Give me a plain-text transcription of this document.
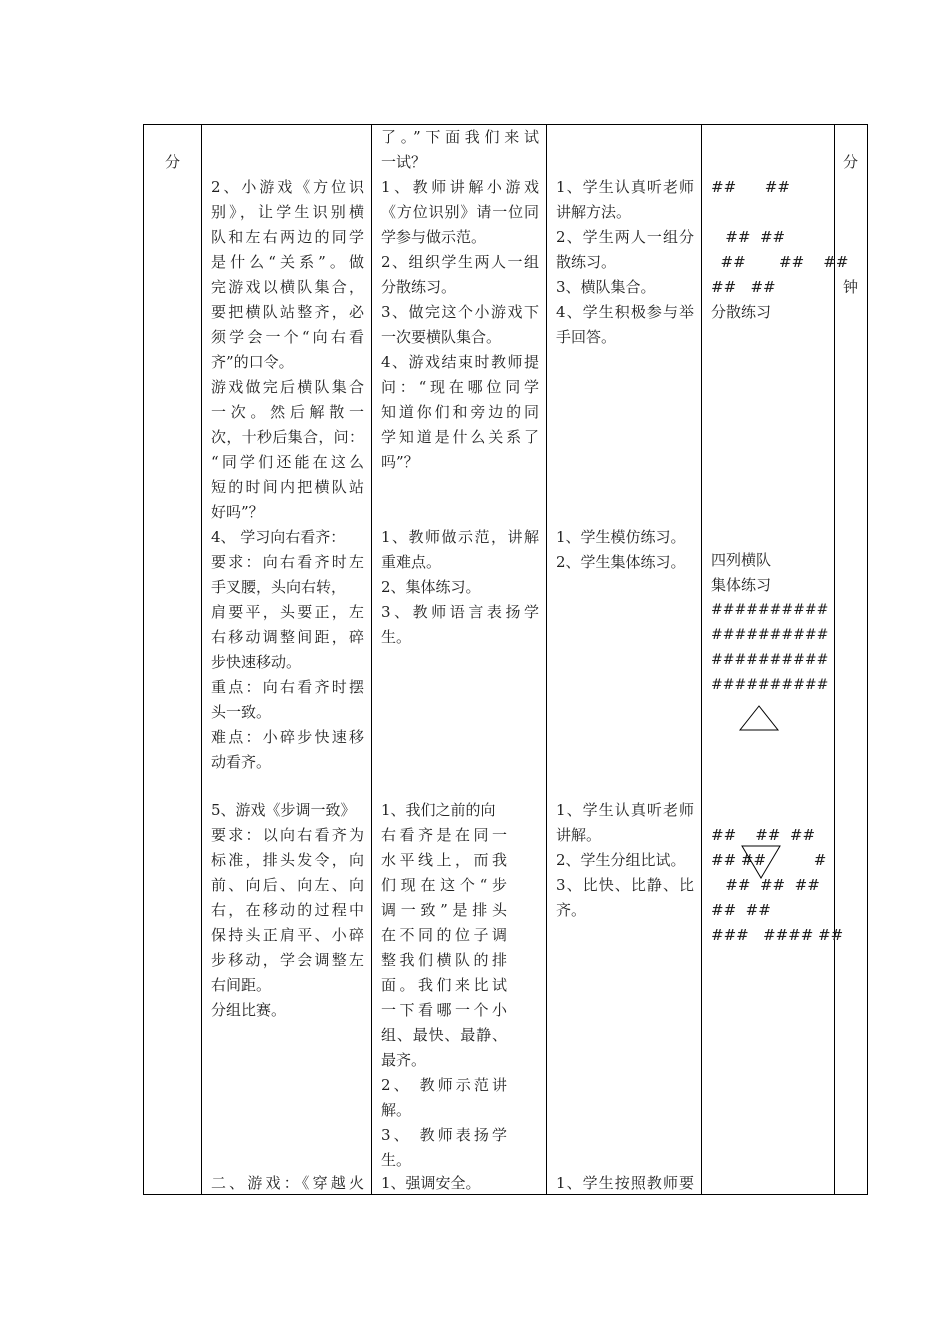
分
2、小游戏《方位识
别》，让学生识别横
队和左右两边的同学
是什么“关系”。做
完游戏以横队集合，
要把横队站整齐，必
须学会一个“向右看
齐”的口令。
游戏做完后横队集合
一次。然后解散一
次，十秒后集合，问：
“同学们还能在这么
短的时间内把横队站
好吗”？
4、 学习向右看齐：
要求：向右看齐时左
手叉腰，头向右转，
肩要平，头要正，左
右移动调整间距，碎
步快速移动。
重点：向右看齐时摆
头一致。
难点：小碎步快速移
动看齐。
5、游戏《步调一致》
要求：以向右看齐为
标准，排头发令，向
前、向后、向左、向
右，在移动的过程中
保持头正肩平、小碎
步移动，学会调整左
右间距。
分组比赛。
二、游戏：《穿越火
了。”下面我们来试
一试？
1、教师讲解小游戏
《方位识别》请一位同
学参与做示范。
2、组织学生两人一组
分散练习。
3、做完这个小游戏下
一次要横队集合。
4、游戏结束时教师提
问：“现在哪位同学
知道你们和旁边的同
学知道是什么关系了
吗”？
1、教师做示范，讲解
重难点。
2、集体练习。
3、教师语言表扬学
生。
1、我们之前的向
右看齐是在同一
水平线上，而我
们现在这个“步
调一致”是排头
在不同的位子调
整我们横队的排
面。我们来比试
一下看哪一个小
组、最快、最静、
最齐。
2、 教师示范讲
解。
3、 教师表扬学
生。
1、强调安全。
1、学生认真听老师
讲解方法。
2、学生两人一组分
散练习。
3、横队集合。
4、学生积极参与举
手回答。
1、学生模仿练习。
2、学生集体练习。
1、学生认真听老师
讲解。
2、学生分组比试。
3、比快、比静、比
齐。
1、学生按照教师要
##      ##
##  ##
##       ##    ##
##   ##
分散练习
四列横队
集体练习
##########
##########
##########
##########
##    ##  ##
## ##          #
##  ##  ##
##  ##
###   #### ##
分
钟
